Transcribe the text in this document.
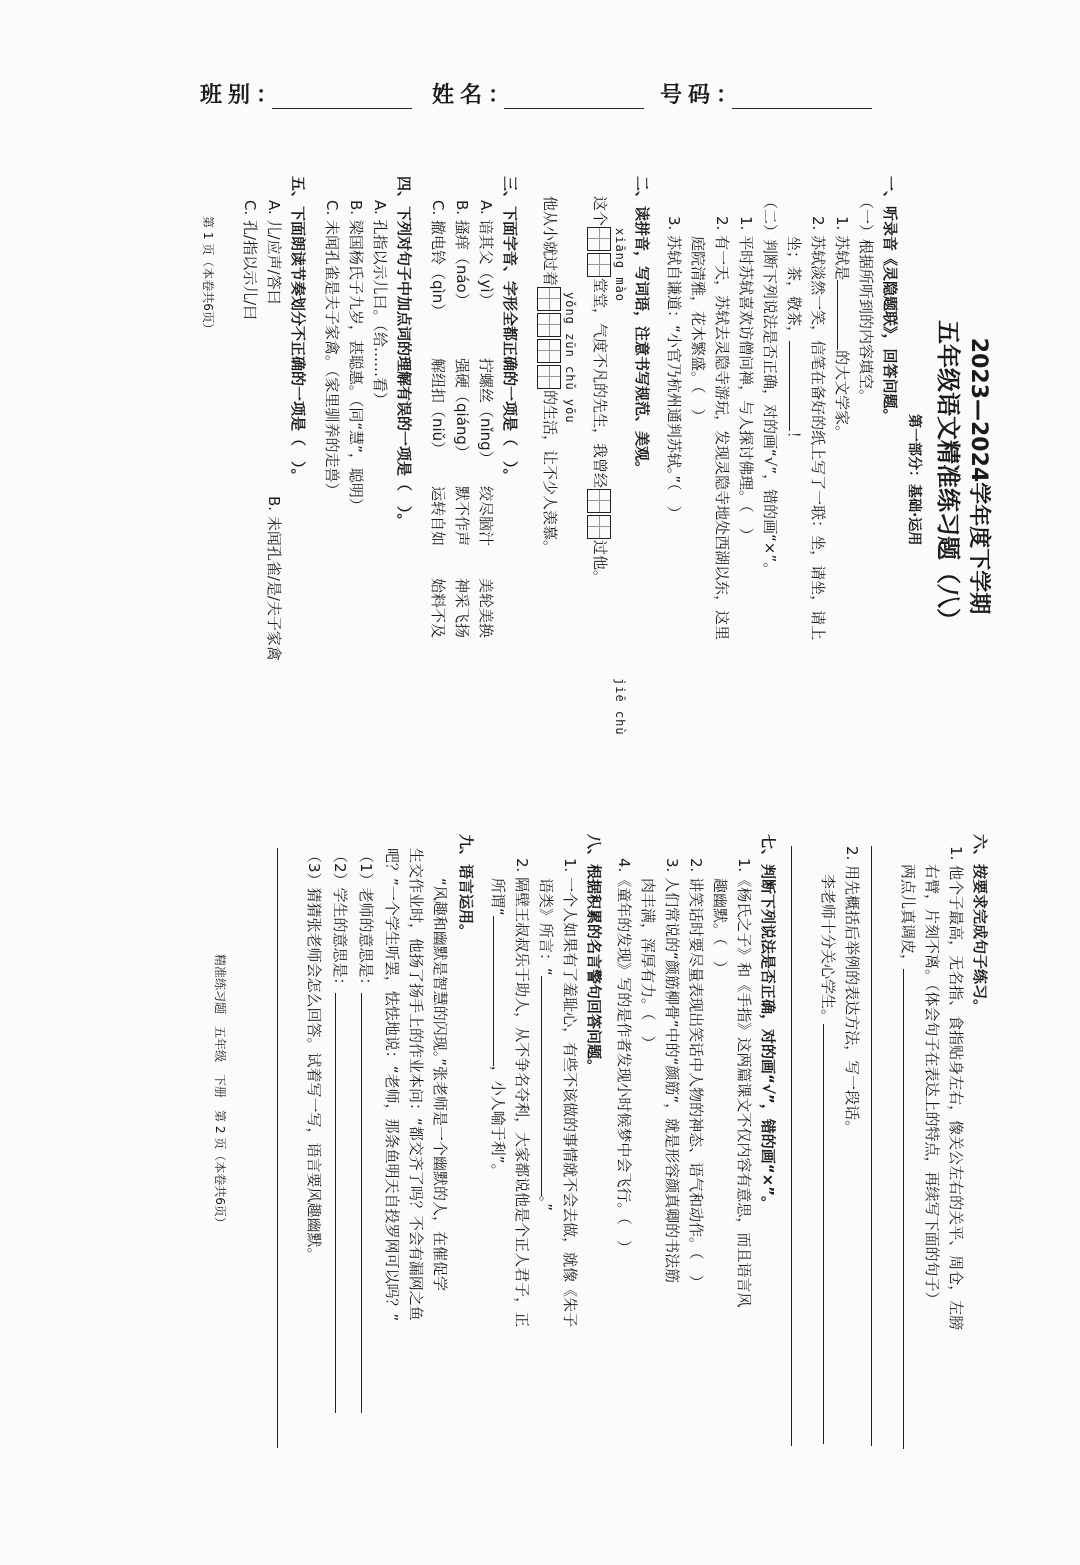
班别：	姓名：	号码：
2023—2024学年度下学期
五年级语文精准练习题（八）
第一部分：基础·运用
一、听录音《灵隐题联》，回答问题。
（一）根据所听到的内容填空。
1. 苏轼是的大文学家。
2. 苏轼淡然一笑，信笔在备好的纸上写了一联：坐，请坐，请上
坐；茶，敬茶，！
（二）判断下列说法是否正确，对的画“√”，错的画“×”。
1. 平时苏轼喜欢访僧问禅，与人探讨佛理。（　）
2. 有一天，苏轼去灵隐寺游玩，发现灵隐寺地处西湖以东，这里
庭院清雅，花木繁盛。（　）
3. 苏轼自谦道：“小官乃杭州通判苏轼。”（　）
二、读拼音，写词语，注意书写规范、美观。
xiāng mào
jiē chù
这个堂堂，气度不凡的先生，我曾经过他。
yǒng zūn chǔ yōu
他从小就过着的生活，让不少人羡慕。
三、下面字音、字形全都正确的一项是（　）。
A. 谙其父（yì）拧螺丝（nǐng）绞尽脑汁美轮美换
B. 搔痒（náo）强硬（qiáng）默不作声神采飞扬
C. 撤电铃（qìn）解纽扣（niǔ）运转自如始料不及
四、下列对句子中加点词的理解有误的一项是（　）。
A. 孔指以示儿曰。（给……看）
B. 梁国杨氏子九岁，甚聪惠。（同“慧”，聪明）
C. 未闻孔雀是夫子家禽。（家里驯养的走兽）
五、下面朗读节奏划分不正确的一项是（　）。
A. 儿/应声/答曰
B. 未闻孔雀/是/夫子家禽
C. 孔/指以示儿/曰
第 1 页（本卷共6页）
六、按要求完成句子练习。
1. 他个子最高，无名指、食指贴身左右，像关公左右的关平、周仓，左膀
右臂，片刻不离。（体会句子在表达上的特点，再续写下面的句子）
两点儿真调皮，
2. 用先概括后举例的表达方法，写一段话。
李老师十分关心学生。
七、判断下列说法是否正确，对的画“√”，错的画“×”。
1.《杨氏之子》和《手指》这两篇课文不仅内容有意思，而且语言风
趣幽默。（　）
2. 讲笑话时要尽量表现出笑话中人物的神态、语气和动作。（　）
3. 人们常说的“颜筋柳骨”中的“颜筋”，就是形容颜真卿的书法筋
肉丰满，浑厚有力。（　）
4.《童年的发现》写的是作者发现小时候梦中会飞行。（　）
八、根据积累的名言警句回答问题。
1. 一个人如果有了羞耻心，有些不该做的事情就不会去做，就像《朱子
语类》所言：“。”
2. 隔壁王叔叔乐于助人，从不争名夺利，大家都说他是个正人君子，正
所谓“，小人喻于利”。
九、语言运用。
“风趣和幽默是智慧的闪现。”张老师是一个幽默的人，在催促学
生交作业时，他扬了扬手上的作业本问：“都交齐了吗？不会有漏网之鱼
吧？”一个学生听罢，怯怯地说：“老师，那条鱼明天自投罗网可以吗？”
（1）老师的意思是：
（2）学生的意思是：
（3）猜猜张老师会怎么回答。试着写一写，语言要风趣幽默。
精准练习题　五年级　下册　第 2 页（本卷共6页）
